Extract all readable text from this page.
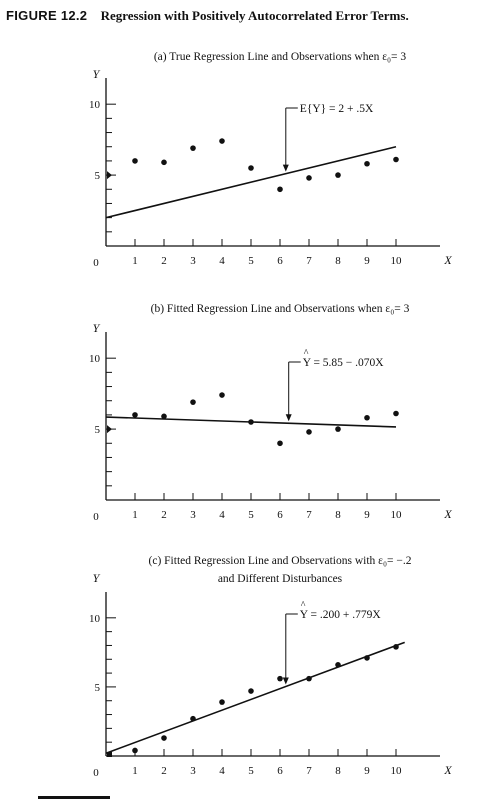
FIGURE 12.2 Regression with Positively Autocorrelated Error Terms.
(a) True Regression Line and Observations when ε₀= 3
Y
5
10
1 2 3 4 5 6 7 8 9 10
0	X
E{Y} = 2 + .5X
(b) Fitted Regression Line and Observations when ε₀= 3
Y
5
10
1 2 3 4 5 6 7 8 9 10
0	X
Y = 5.85 − .070X
^
(c) Fitted Regression Line and Observations with ε₀= −.2
and Different Disturbances
Y
5
10
1 2 3 4 5 6 7 8 9 10
0	X
Y = .200 + .779X
^
